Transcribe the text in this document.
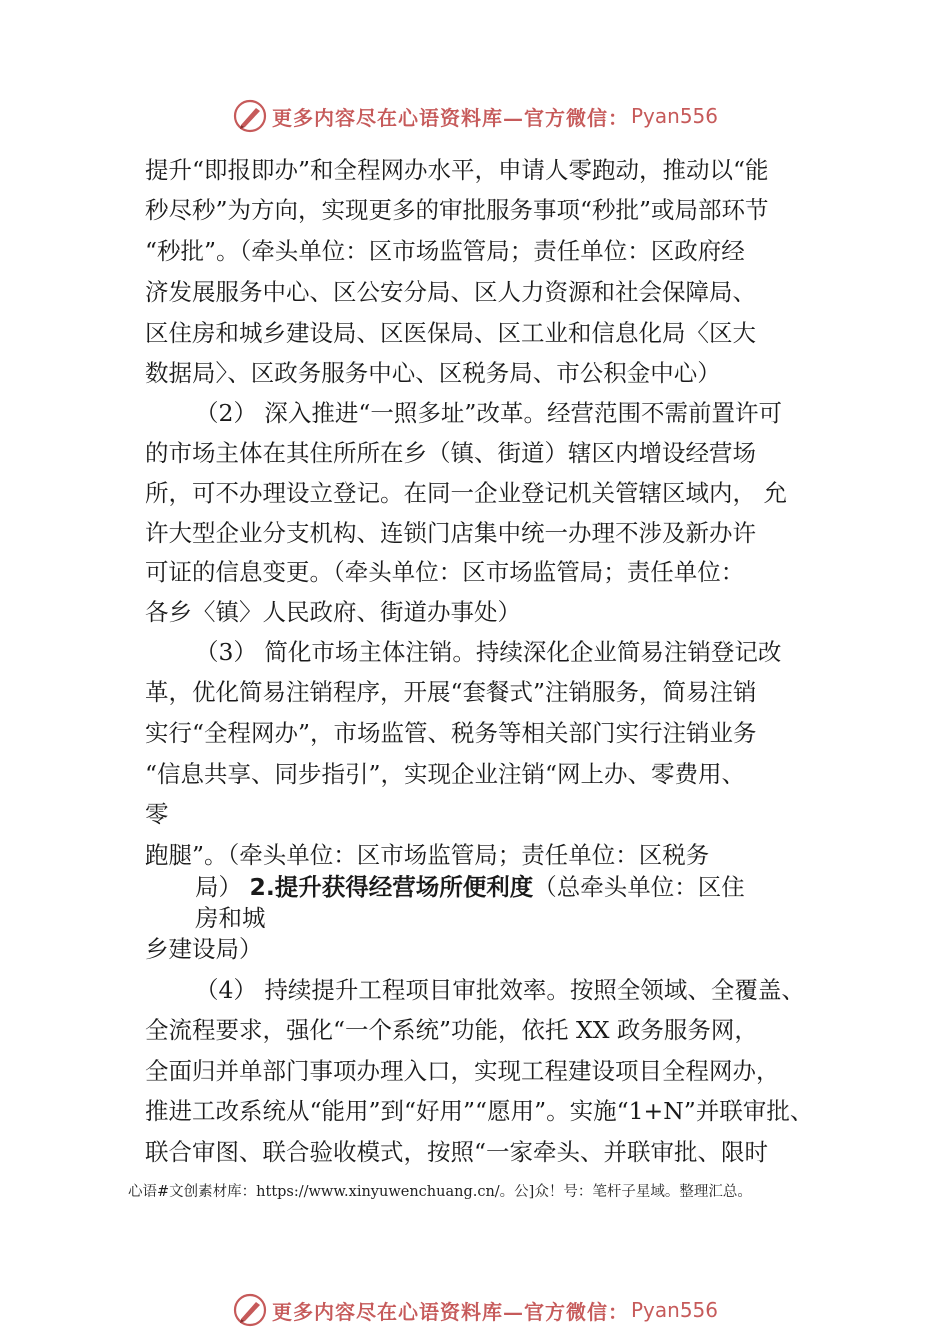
更多内容尽在心语资料库—官方微信： Pyan556
提升“即报即办”和全程网办水平，申请人零跑动，推动以“能
秒尽秒”为方向，实现更多的审批服务事项“秒批”或局部环节
“秒批”。（牵头单位：区市场监管局；责任单位：区政府经
济发展服务中心、区公安分局、区人力资源和社会保障局、
区住房和城乡建设局、区医保局、区工业和信息化局〈区大
数据局〉、区政务服务中心、区税务局、市公积金中心）
（2） 深入推进“一照多址”改革。经营范围不需前置许可
的市场主体在其住所所在乡（镇、街道）辖区内增设经营场
所，可不办理设立登记。在同一企业登记机关管辖区域内， 允
许大型企业分支机构、连锁门店集中统一办理不涉及新办许
可证的信息变更。（牵头单位：区市场监管局；责任单位：
各乡〈镇〉人民政府、街道办事处）
（3） 简化市场主体注销。持续深化企业简易注销登记改
革，优化简易注销程序，开展“套餐式”注销服务，简易注销
实行“全程网办”，市场监管、税务等相关部门实行注销业务
“信息共享、同步指引”，实现企业注销“网上办、零费用、
零
跑腿”。（牵头单位：区市场监管局；责任单位：区税务
局） 2.提升获得经营场所便利度（总牵头单位：区住
房和城
乡建设局）
（4） 持续提升工程项目审批效率。按照全领域、全覆盖、
全流程要求，强化“一个系统”功能，依托 XX 政务服务网，
全面归并单部门事项办理入口，实现工程建设项目全程网办，
推进工改系统从“能用”到“好用”“愿用”。实施“1+N”并联审批、
联合审图、联合验收模式，按照“一家牵头、并联审批、限时
心语#文创素材库：https://www.xinyuwenchuang.cn/。公]众！号：笔杆子星域。整理汇总。
更多内容尽在心语资料库—官方微信： Pyan556
